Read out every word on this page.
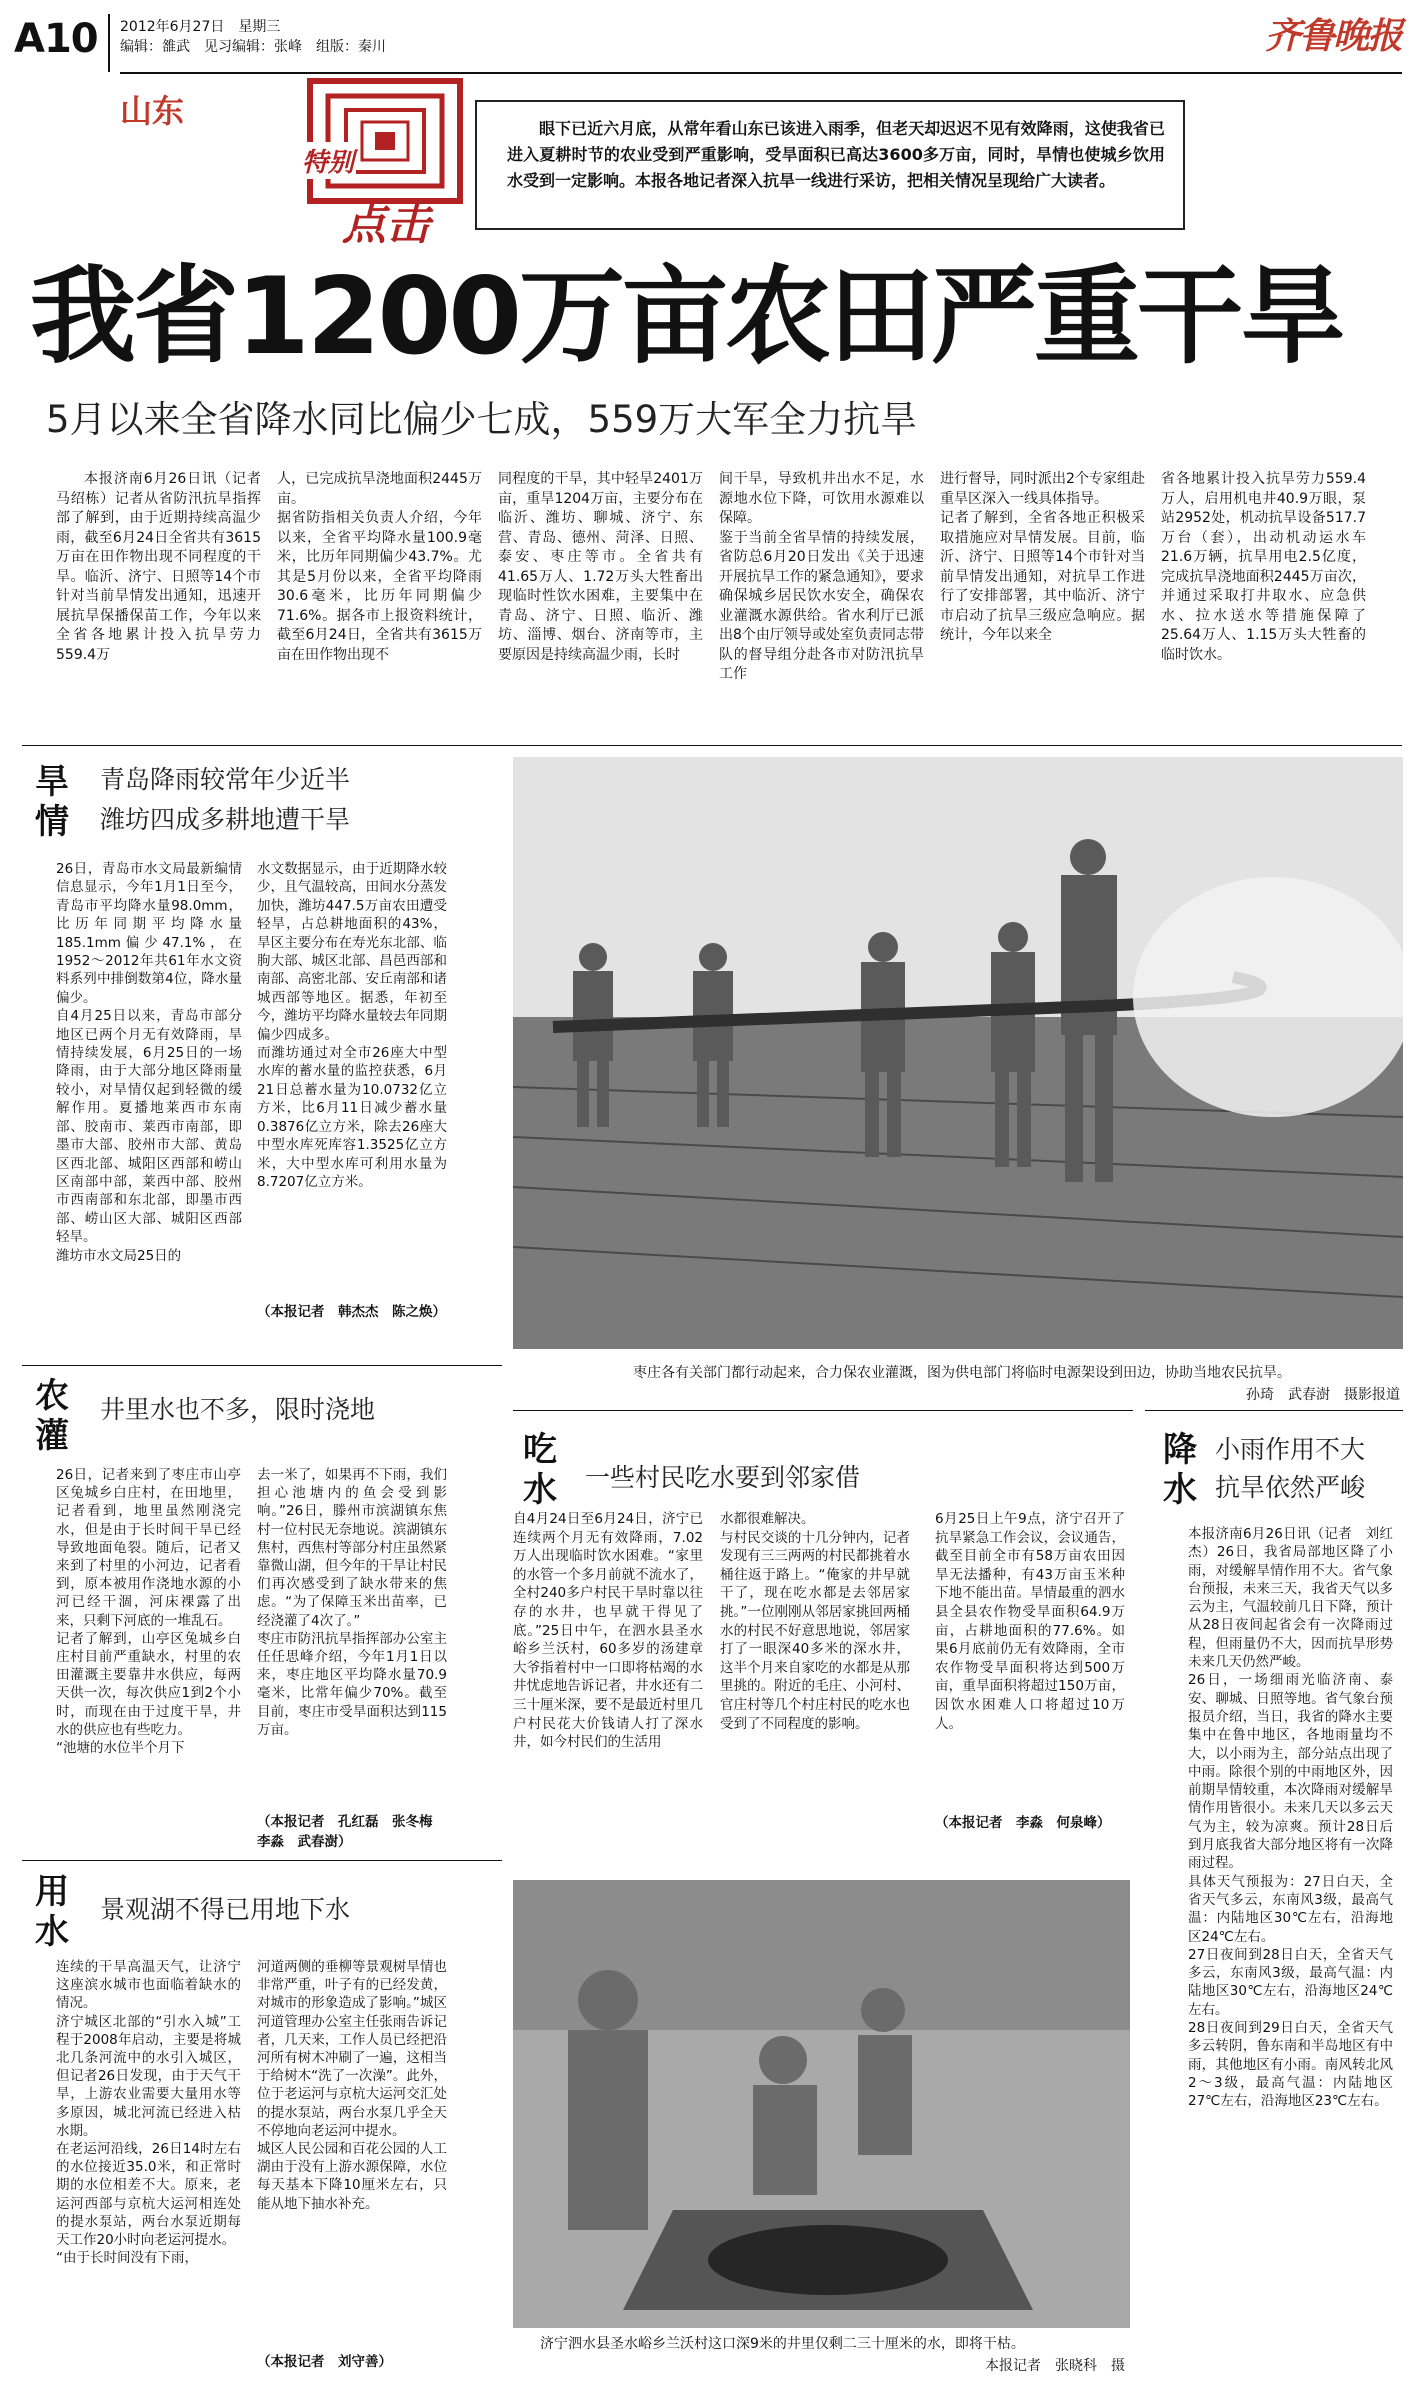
A10 2012年6月27日　星期三
编辑：雒武　见习编辑：张峰　组版：秦川	齐鲁晚报
山东
特别
点击
眼下已近六月底，从常年看山东已该进入雨季，但老天却迟迟不见有效降雨，这使我省已进入夏耕时节的农业受到严重影响，受旱面积已高达3600多万亩，同时，旱情也使城乡饮用水受到一定影响。本报各地记者深入抗旱一线进行采访，把相关情况呈现给广大读者。
我省1200万亩农田严重干旱
5月以来全省降水同比偏少七成，559万大军全力抗旱
本报济南6月26日讯（记者　马绍栋）记者从省防汛抗旱指挥部了解到，由于近期持续高温少雨，截至6月24日全省共有3615万亩在田作物出现不同程度的干旱。临沂、济宁、日照等14个市针对当前旱情发出通知，迅速开展抗旱保播保苗工作，今年以来全省各地累计投入抗旱劳力559.4万
人，已完成抗旱浇地面积2445万亩。
据省防指相关负责人介绍，今年以来，全省平均降水量100.9毫米，比历年同期偏少43.7%。尤其是5月份以来，全省平均降雨30.6毫米，比历年同期偏少71.6%。据各市上报资料统计，截至6月24日，全省共有3615万亩在田作物出现不
同程度的干旱，其中轻旱2401万亩，重旱1204万亩，主要分布在临沂、潍坊、聊城、济宁、东营、青岛、德州、菏泽、日照、泰安、枣庄等市。全省共有41.65万人、1.72万头大牲畜出现临时性饮水困难，主要集中在青岛、济宁、日照、临沂、潍坊、淄博、烟台、济南等市，主要原因是持续高温少雨，长时
间干旱，导致机井出水不足，水源地水位下降，可饮用水源难以保障。
鉴于当前全省旱情的持续发展，省防总6月20日发出《关于迅速开展抗旱工作的紧急通知》，要求确保城乡居民饮水安全，确保农业灌溉水源供给。省水利厅已派出8个由厅领导或处室负责同志带队的督导组分赴各市对防汛抗旱工作
进行督导，同时派出2个专家组赴重旱区深入一线具体指导。
记者了解到，全省各地正积极采取措施应对旱情发展。目前，临沂、济宁、日照等14个市针对当前旱情发出通知，对抗旱工作进行了安排部署，其中临沂、济宁市启动了抗旱三级应急响应。据统计，今年以来全
省各地累计投入抗旱劳力559.4万人，启用机电井40.9万眼，泵站2952处，机动抗旱设备517.7万台（套），出动机动运水车21.6万辆，抗旱用电2.5亿度，完成抗旱浇地面积2445万亩次，并通过采取打井取水、应急供水、拉水送水等措施保障了25.64万人、1.15万头大牲畜的临时饮水。
旱情
青岛降雨较常年少近半
潍坊四成多耕地遭干旱
26日，青岛市水文局最新编情信息显示，今年1月1日至今，青岛市平均降水量98.0mm，比历年同期平均降水量185.1mm偏少47.1%，在1952～2012年共61年水文资料系列中排倒数第4位，降水量偏少。
自4月25日以来，青岛市部分地区已两个月无有效降雨，旱情持续发展，6月25日的一场降雨，由于大部分地区降雨量较小，对旱情仅起到轻微的缓解作用。夏播地莱西市东南部、胶南市、莱西市南部，即墨市大部、胶州市大部、黄岛区西北部、城阳区西部和崂山区南部中部，莱西中部、胶州市西南部和东北部，即墨市西部、崂山区大部、城阳区西部轻旱。
潍坊市水文局25日的
水文数据显示，由于近期降水较少，且气温较高，田间水分蒸发加快，潍坊447.5万亩农田遭受轻旱，占总耕地面积的43%，旱区主要分布在寿光东北部、临朐大部、城区北部、昌邑西部和南部、高密北部、安丘南部和诸城西部等地区。据悉，年初至今，潍坊平均降水量较去年同期偏少四成多。
而潍坊通过对全市26座大中型水库的蓄水量的监控获悉，6月21日总蓄水量为10.0732亿立方米，比6月11日减少蓄水量0.3876亿立方米，除去26座大中型水库死库容1.3525亿立方米，大中型水库可利用水量为8.7207亿立方米。
（本报记者　韩杰杰　陈之焕）
枣庄各有关部门都行动起来，合力保农业灌溉，图为供电部门将临时电源架设到田边，协助当地农民抗旱。
孙琦　武春澍　摄影报道
农灌
井里水也不多，限时浇地
26日，记者来到了枣庄市山亭区兔城乡白庄村，在田地里，记者看到，地里虽然刚浇完水，但是由于长时间干旱已经导致地面龟裂。随后，记者又来到了村里的小河边，记者看到，原本被用作浇地水源的小河已经干涸，河床裸露了出来，只剩下河底的一堆乱石。
记者了解到，山亭区兔城乡白庄村目前严重缺水，村里的农田灌溉主要靠井水供应，每两天供一次，每次供应1到2个小时，而现在由于过度干旱，井水的供应也有些吃力。
“池塘的水位半个月下
去一米了，如果再不下雨，我们担心池塘内的鱼会受到影响。”26日，滕州市滨湖镇东焦村一位村民无奈地说。滨湖镇东焦村，西焦村等部分村庄虽然紧靠微山湖，但今年的干旱让村民们再次感受到了缺水带来的焦虑。“为了保障玉米出苗率，已经浇灌了4次了。”
枣庄市防汛抗旱指挥部办公室主任任思峰介绍，今年1月1日以来，枣庄地区平均降水量70.9毫米，比常年偏少70%。截至目前，枣庄市受旱面积达到115万亩。
（本报记者　孔红磊　张冬梅　李淼　武春澍）
吃水 一些村民吃水要到邻家借
自4月24日至6月24日，济宁已连续两个月无有效降雨，7.02万人出现临时饮水困难。“家里的水管一个多月前就不流水了，全村240多户村民干旱时靠以往存的水井，也早就干得见了底。”25日中午，在泗水县圣水峪乡兰沃村，60多岁的汤建章大爷指着村中一口即将枯竭的水井忧虑地告诉记者，井水还有二三十厘米深，要不是最近村里几户村民花大价钱请人打了深水井，如今村民们的生活用
水都很难解决。
与村民交谈的十几分钟内，记者发现有三三两两的村民都挑着水桶往返于路上。“俺家的井早就干了，现在吃水都是去邻居家挑。”一位刚刚从邻居家挑回两桶水的村民不好意思地说，邻居家打了一眼深40多米的深水井，这半个月来自家吃的水都是从那里挑的。附近的毛庄、小河村、官庄村等几个村庄村民的吃水也受到了不同程度的影响。
6月25日上午9点，济宁召开了抗旱紧急工作会议，会议通告，截至目前全市有58万亩农田因旱无法播种，有43万亩玉米种下地不能出苗。旱情最重的泗水县全县农作物受旱面积64.9万亩，占耕地面积的77.6%。如果6月底前仍无有效降雨，全市农作物受旱面积将达到500万亩，重旱面积将超过150万亩，因饮水困难人口将超过10万人。
（本报记者　李淼　何泉峰）
降水
小雨作用不大
抗旱依然严峻
本报济南6月26日讯（记者　刘红杰）26日，我省局部地区降了小雨，对缓解旱情作用不大。省气象台预报，未来三天，我省天气以多云为主，气温较前几日下降，预计从28日夜间起省会有一次降雨过程，但雨量仍不大，因而抗旱形势未来几天仍然严峻。
26日，一场细雨光临济南、泰安、聊城、日照等地。省气象台预报员介绍，当日，我省的降水主要集中在鲁中地区，各地雨量均不大，以小雨为主，部分站点出现了中雨。除很个别的中雨地区外，因前期旱情较重，本次降雨对缓解旱情作用皆很小。未来几天以多云天气为主，较为凉爽。预计28日后到月底我省大部分地区将有一次降雨过程。
具体天气预报为：27日白天，全省天气多云，东南风3级，最高气温：内陆地区30℃左右，沿海地区24℃左右。
27日夜间到28日白天，全省天气多云，东南风3级，最高气温：内陆地区30℃左右，沿海地区24℃左右。
28日夜间到29日白天，全省天气多云转阴，鲁东南和半岛地区有中雨，其他地区有小雨。南风转北风2～3级，最高气温：内陆地区27℃左右，沿海地区23℃左右。
用水
景观湖不得已用地下水
连续的干旱高温天气，让济宁这座滨水城市也面临着缺水的情况。
济宁城区北部的“引水入城”工程于2008年启动，主要是将城北几条河流中的水引入城区，但记者26日发现，由于天气干旱，上游农业需要大量用水等多原因，城北河流已经进入枯水期。
在老运河沿线，26日14时左右的水位接近35.0米，和正常时期的水位相差不大。原来，老运河西部与京杭大运河相连处的提水泵站，两台水泵近期每天工作20小时向老运河提水。
“由于长时间没有下雨，
河道两侧的垂柳等景观树旱情也非常严重，叶子有的已经发黄，对城市的形象造成了影响。”城区河道管理办公室主任张雨告诉记者，几天来，工作人员已经把沿河所有树木冲刷了一遍，这相当于给树木“洗了一次澡”。此外，位于老运河与京杭大运河交汇处的提水泵站，两台水泵几乎全天不停地向老运河中提水。
城区人民公园和百花公园的人工湖由于没有上游水源保障，水位每天基本下降10厘米左右，只能从地下抽水补充。
（本报记者　刘守善）
济宁泗水县圣水峪乡兰沃村这口深9米的井里仅剩二三十厘米的水，即将干枯。
本报记者　张晓科　摄
